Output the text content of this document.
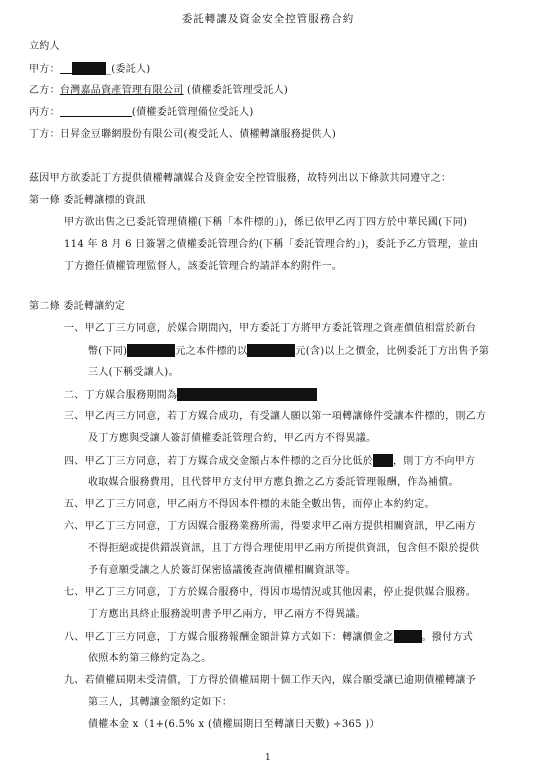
委託轉讓及資金安全控管服務合約
立約人
甲方：	_(委託人)
乙方：台灣嘉品資產管理有限公司 (債權委託管理受託人)
丙方：	(債權委託管理備位受託人)
丁方：日昇金豆聯網股份有限公司(複受託人、債權轉讓服務提供人)
茲因甲方欲委託丁方提供債權轉讓媒合及資金安全控管服務，故特列出以下條款共同遵守之：
第一條 委託轉讓標的資訊
甲方欲出售之已委託管理債權(下稱「本件標的」)，係已依甲乙丙丁四方於中華民國(下同)
114 年 8 月 6 日簽署之債權委託管理合約(下稱「委託管理合約」)，委託予乙方管理，並由
丁方擔任債權管理監督人，該委託管理合約請詳本約附件一。
第二條 委託轉讓約定
一、甲乙丁三方同意，於媒合期間內，甲方委託丁方將甲方委託管理之資產價值相當於新台
幣(下同)	元之本件標的以	元(含)以上之價金，比例委託丁方出售予第
三人(下稱受讓人)。
二、丁方媒合服務期間為
三、甲乙丙三方同意，若丁方媒合成功，有受讓人願以第一項轉讓條件受讓本件標的，則乙方
及丁方應與受讓人簽訂債權委託管理合約，甲乙丙方不得異議。
四、甲乙丁三方同意，若丁方媒合成交金額占本件標的之百分比低於 ，則丁方不向甲方
收取媒合服務費用，且代替甲方支付甲方應負擔之乙方委託管理報酬，作為補償。
五、甲乙丁三方同意，甲乙兩方不得因本件標的未能全數出售，而停止本約約定。
六、甲乙丁三方同意，丁方因媒合服務業務所需，得要求甲乙兩方提供相關資訊，甲乙兩方
不得拒絕或提供錯誤資訊，且丁方得合理使用甲乙兩方所提供資訊，包含但不限於提供
予有意願受讓之人於簽訂保密協議後查詢債權相關資訊等。
七、甲乙丁三方同意，丁方於媒合服務中，得因市場情況或其他因素，停止提供媒合服務。
丁方應出具終止服務說明書予甲乙兩方，甲乙兩方不得異議。
八、甲乙丁三方同意，丁方媒合服務報酬金額計算方式如下：轉讓價金之	。撥付方式
依照本約第三條約定為之。
九、若債權屆期未受清償，丁方得於債權屆期十個工作天內，媒合願受讓已逾期債權轉讓予
第三人，其轉讓金額約定如下：
債權本金 x（1+(6.5% x (債權屆期日至轉讓日天數) ÷365 )）
1
